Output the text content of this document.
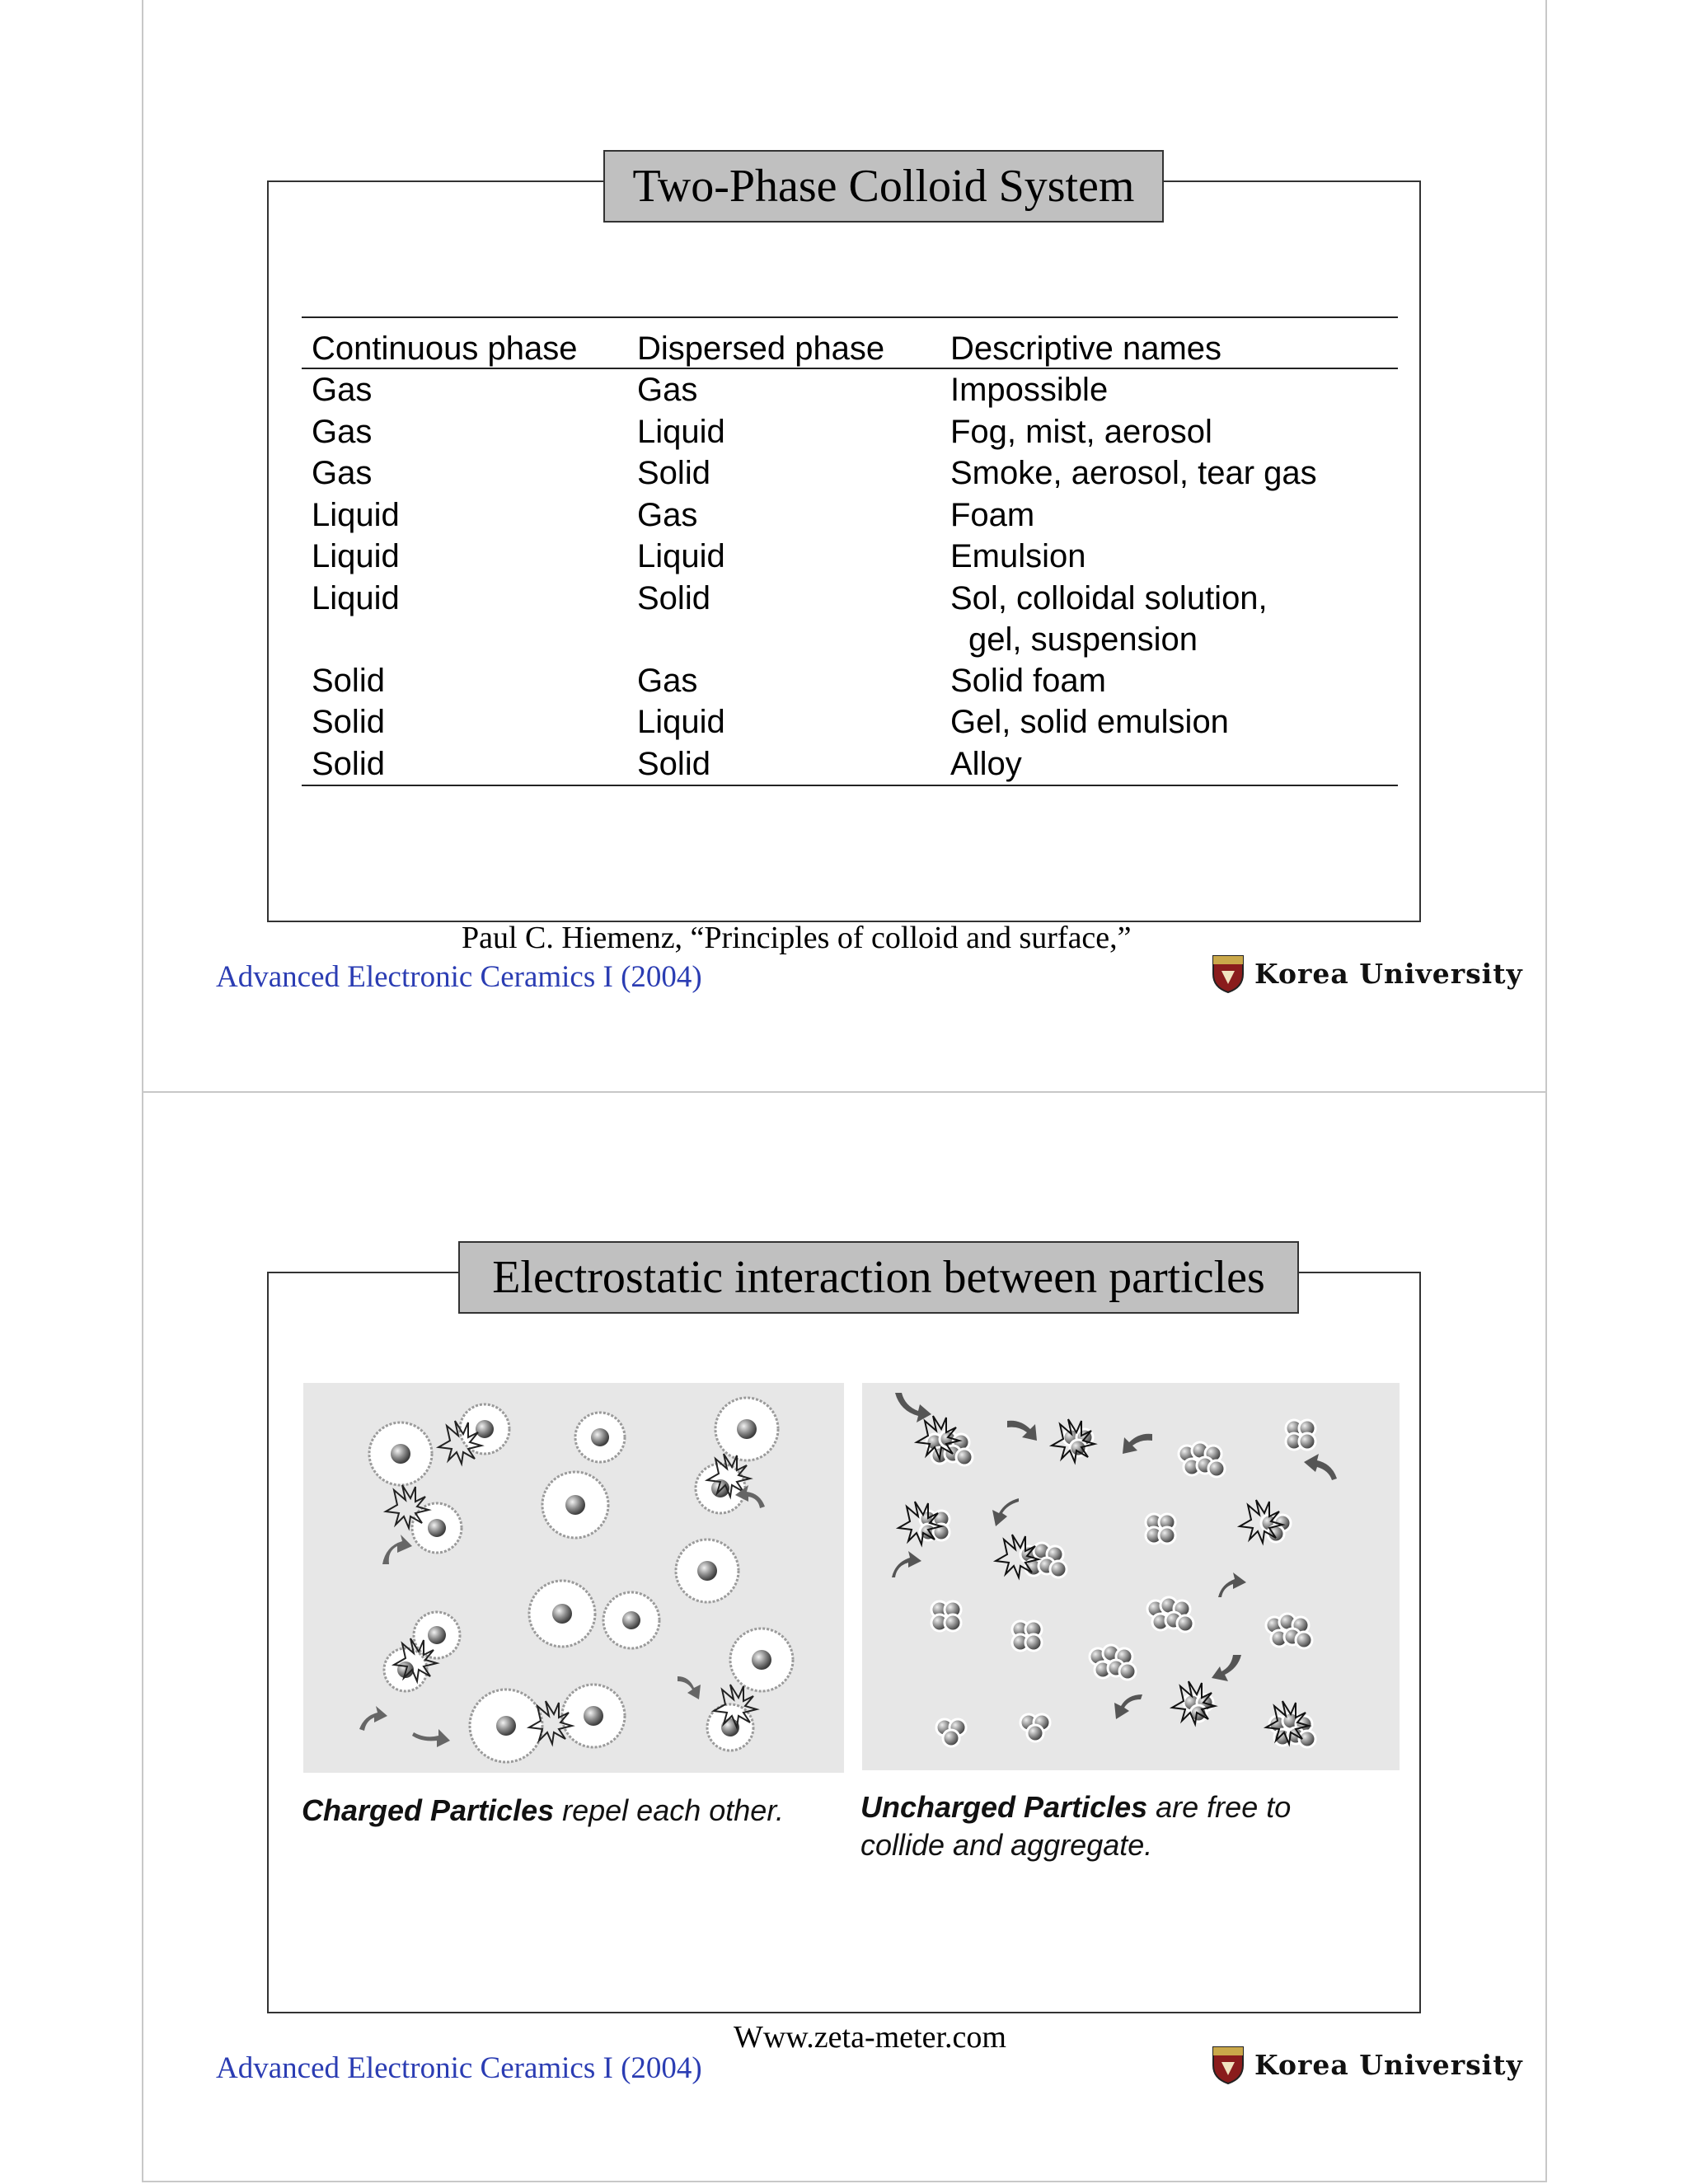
Two-Phase Colloid System
Continuous phase	Dispersed phase	Descriptive names
Gas	Gas	Impossible
Gas	Liquid	Fog, mist, aerosol
Gas	Solid	Smoke, aerosol, tear gas
Liquid	Gas	Foam
Liquid	Liquid	Emulsion
Liquid	Solid	Sol, colloidal solution,
gel, suspension

Solid	Gas	Solid foam
Solid	Liquid	Gel, solid emulsion
Solid	Solid	Alloy
Paul C. Hiemenz, “Principles of colloid and surface,”
Advanced Electronic Ceramics I (2004)	Korea University
Electrostatic interaction between particles
Charged Particles repel each other.	Uncharged Particles are free to
collide and aggregate.
Www.zeta-meter.com
Advanced Electronic Ceramics I (2004)	Korea University
